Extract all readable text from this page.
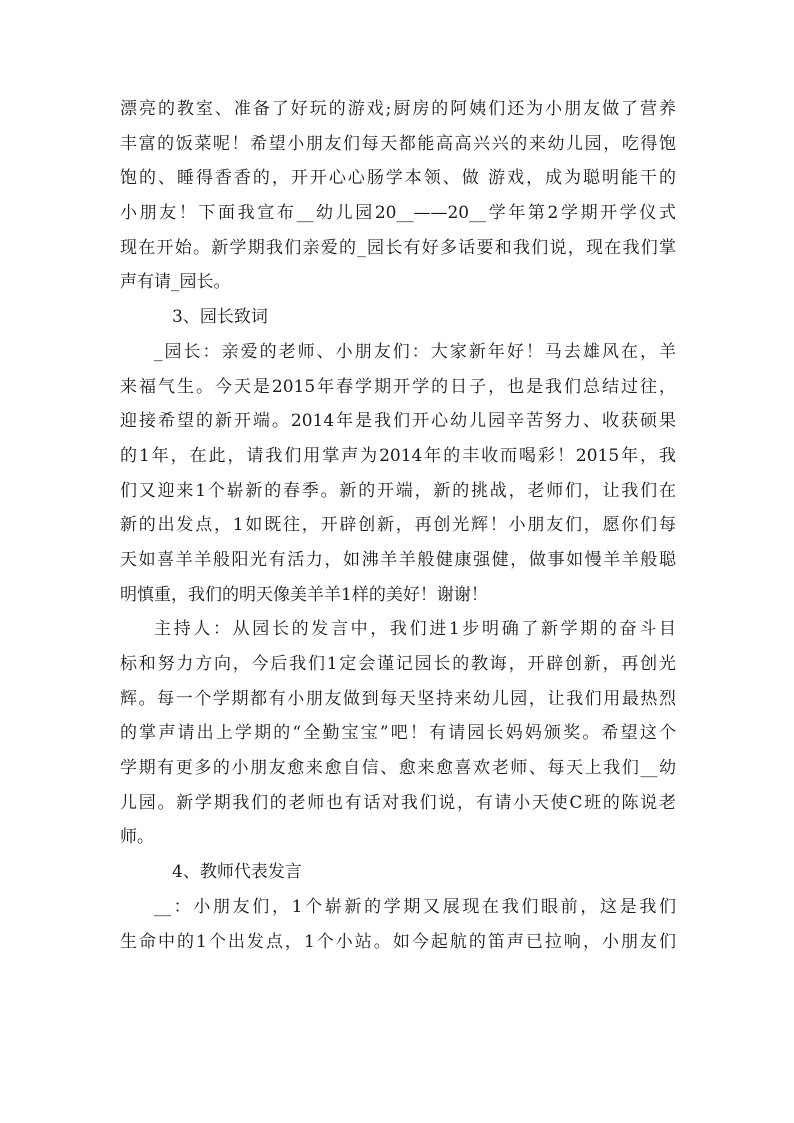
漂亮的教室、准备了好玩的游戏;厨房的阿姨们还为小朋友做了营养
丰富的饭菜呢！希望小朋友们每天都能高高兴兴的来幼儿园，吃得饱
饱的、睡得香香的，开开心心肠学本领、做 游戏，成为聪明能干的
小朋友！下面我宣布__幼儿园20__——20__学年第2学期开学仪式
现在开始。新学期我们亲爱的_园长有好多话要和我们说，现在我们掌
声有请_园长。
3、园长致词
_园长：亲爱的老师、小朋友们：大家新年好！马去雄风在，羊
来福气生。今天是2015年春学期开学的日子，也是我们总结过往，
迎接希望的新开端。2014年是我们开心幼儿园辛苦努力、收获硕果
的1年，在此，请我们用掌声为2014年的丰收而喝彩！2015年，我
们又迎来1个崭新的春季。新的开端，新的挑战，老师们，让我们在
新的出发点，1如既往，开辟创新，再创光辉！小朋友们，愿你们每
天如喜羊羊般阳光有活力，如沸羊羊般健康强健，做事如慢羊羊般聪
明慎重，我们的明天像美羊羊1样的美好！谢谢！
主持人：从园长的发言中，我们进1步明确了新学期的奋斗目
标和努力方向，今后我们1定会谨记园长的教诲，开辟创新，再创光
辉。每一个学期都有小朋友做到每天坚持来幼儿园，让我们用最热烈
的掌声请出上学期的“全勤宝宝”吧！有请园长妈妈颁奖。希望这个
学期有更多的小朋友愈来愈自信、愈来愈喜欢老师、每天上我们__幼
儿园。新学期我们的老师也有话对我们说，有请小天使C班的陈说老
师。
4、教师代表发言
__：小朋友们，1个崭新的学期又展现在我们眼前，这是我们
生命中的1个出发点，1个小站。如今起航的笛声已拉响，小朋友们
